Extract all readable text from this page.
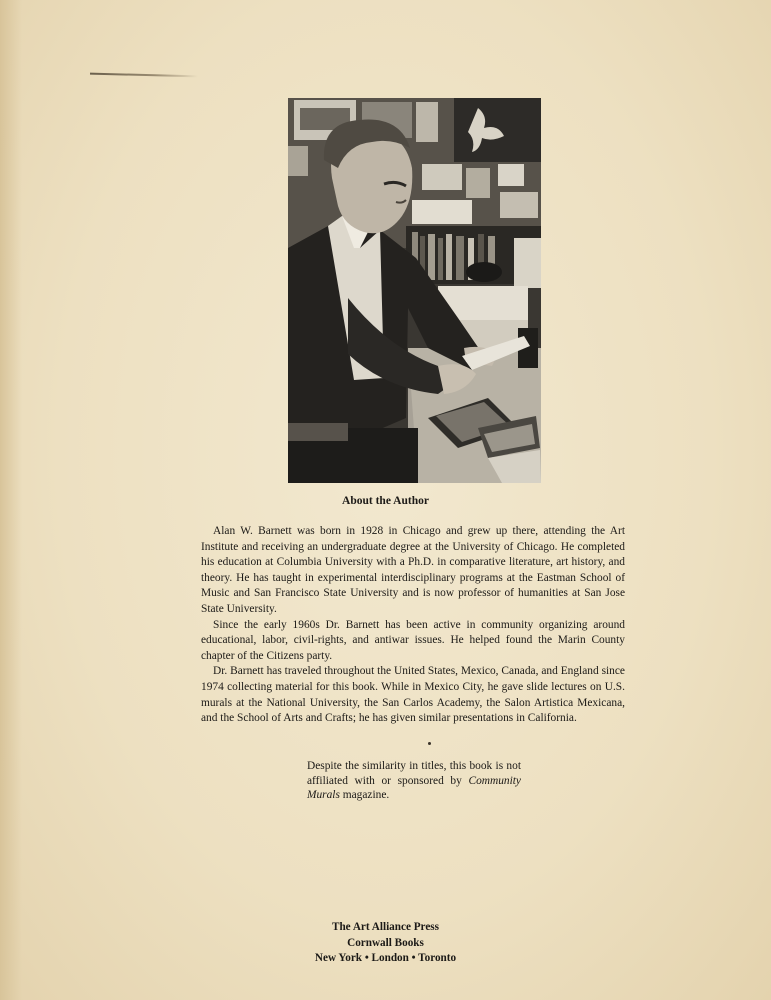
About the Author

Alan W. Barnett was born in 1928 in Chicago and grew up there, attending the Art Institute and receiving an undergraduate degree at the University of Chicago. He completed his education at Columbia University with a Ph.D. in comparative literature, art history, and theory. He has taught in experimental interdisciplinary programs at the Eastman School of Music and San Francisco State University and is now professor of humanities at San Jose State University.

Since the early 1960s Dr. Barnett has been active in community organizing around educational, labor, civil-rights, and antiwar issues. He helped found the Marin County chapter of the Citizens party.

Dr. Barnett has traveled throughout the United States, Mexico, Canada, and England since 1974 collecting material for this book. While in Mexico City, he gave slide lectures on U.S. murals at the National University, the San Carlos Academy, the Salon Artistica Mexicana, and the School of Arts and Crafts; he has given similar presentations in California.

Despite the similarity in titles, this book is not affiliated with or sponsored by Community Murals magazine.
The Art Alliance Press
Cornwall Books
New York • London • Toronto
